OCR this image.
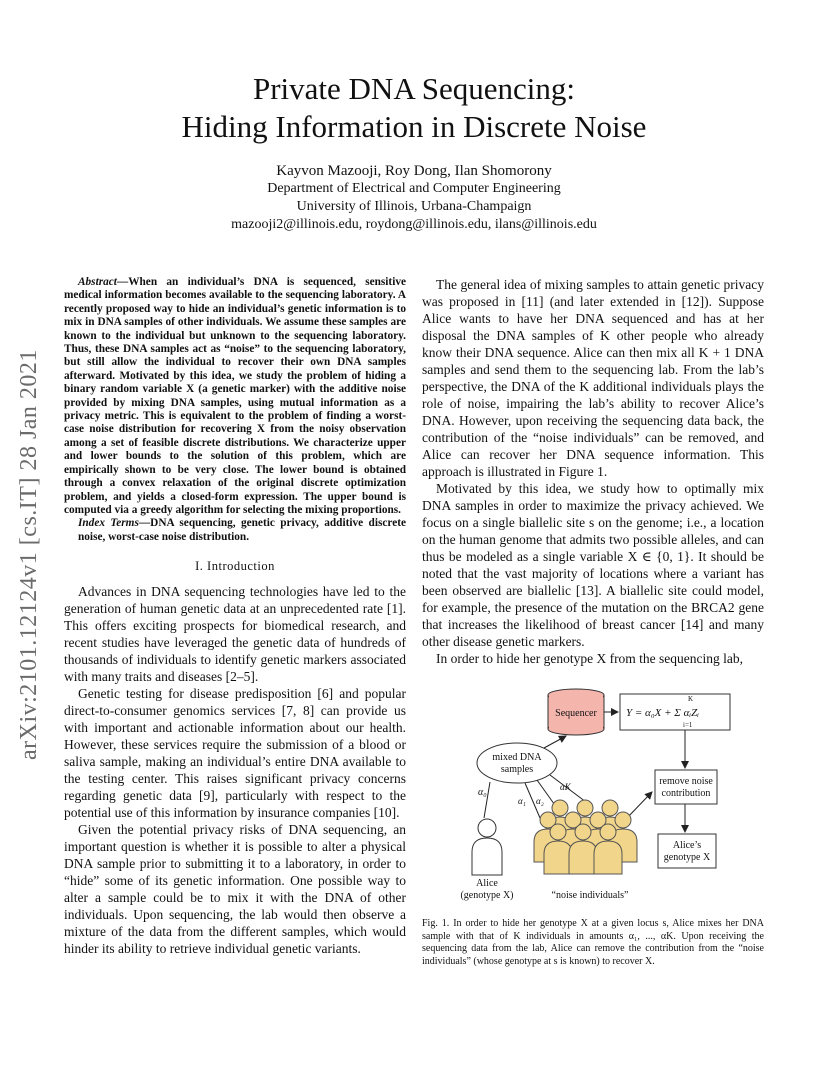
arXiv:2101.12124v1 [cs.IT] 28 Jan 2021
Private DNA Sequencing:
Hiding Information in Discrete Noise
Kayvon Mazooji, Roy Dong, Ilan Shomorony
Department of Electrical and Computer Engineering
University of Illinois, Urbana-Champaign
mazooji2@illinois.edu, roydong@illinois.edu, ilans@illinois.edu
Abstract—When an individual’s DNA is sequenced, sensitive medical information becomes available to the sequencing laboratory. A recently proposed way to hide an individual’s genetic information is to mix in DNA samples of other individuals. We assume these samples are known to the individual but unknown to the sequencing laboratory. Thus, these DNA samples act as “noise” to the sequencing laboratory, but still allow the individual to recover their own DNA samples afterward. Motivated by this idea, we study the problem of hiding a binary random variable X (a genetic marker) with the additive noise provided by mixing DNA samples, using mutual information as a privacy metric. This is equivalent to the problem of finding a worst-case noise distribution for recovering X from the noisy observation among a set of feasible discrete distributions. We characterize upper and lower bounds to the solution of this problem, which are empirically shown to be very close. The lower bound is obtained through a convex relaxation of the original discrete optimization problem, and yields a closed-form expression. The upper bound is computed via a greedy algorithm for selecting the mixing proportions.
Index Terms—DNA sequencing, genetic privacy, additive discrete noise, worst-case noise distribution.
I. Introduction

Advances in DNA sequencing technologies have led to the generation of human genetic data at an unprecedented rate [1]. This offers exciting prospects for biomedical research, and recent studies have leveraged the genetic data of hundreds of thousands of individuals to identify genetic markers associated with many traits and diseases [2–5].

Genetic testing for disease predisposition [6] and popular direct-to-consumer genomics services [7, 8] can provide us with important and actionable information about our health. However, these services require the submission of a blood or saliva sample, making an individual’s entire DNA available to the testing center. This raises significant privacy concerns regarding genetic data [9], particularly with respect to the potential use of this information by insurance companies [10].

Given the potential privacy risks of DNA sequencing, an important question is whether it is possible to alter a physical DNA sample prior to submitting it to a laboratory, in order to “hide” some of its genetic information. One possible way to alter a sample could be to mix it with the DNA of other individuals. Upon sequencing, the lab would then observe a mixture of the data from the different samples, which would hinder its ability to retrieve individual genetic variants.

The general idea of mixing samples to attain genetic privacy was proposed in [11] (and later extended in [12]). Suppose Alice wants to have her DNA sequenced and has at her disposal the DNA samples of K other people who already know their DNA sequence. Alice can then mix all K + 1 DNA samples and send them to the sequencing lab. From the lab’s perspective, the DNA of the K additional individuals plays the role of noise, impairing the lab’s ability to recover Alice’s DNA. However, upon receiving the sequencing data back, the contribution of the “noise individuals” can be removed, and Alice can recover her DNA sequence information. This approach is illustrated in Figure 1.

Motivated by this idea, we study how to optimally mix DNA samples in order to maximize the privacy achieved. We focus on a single biallelic site s on the genome; i.e., a location on the human genome that admits two possible alleles, and can thus be modeled as a single variable X ∈ {0, 1}. It should be noted that the vast majority of locations where a variant has been observed are biallelic [13]. A biallelic site could model, for example, the presence of the mutation on the BRCA2 gene that increases the likelihood of breast cancer [14] and many other disease genetic markers.

In order to hide her genotype X from the sequencing lab,

Sequencer	Y = α₀X + Σ αᵢZᵢ
K
i=1
mixed DNA
samples
remove noise
contribution
Alice’s
genotype X
α₀
α₁ α₂
αK
Alice
(genotype X)	“noise individuals”
Fig. 1. In order to hide her genotype X at a given locus s, Alice mixes her DNA sample with that of K individuals in amounts α₁, ..., αK. Upon receiving the sequencing data from the lab, Alice can remove the contribution from the “noise individuals” (whose genotype at s is known) to recover X.
